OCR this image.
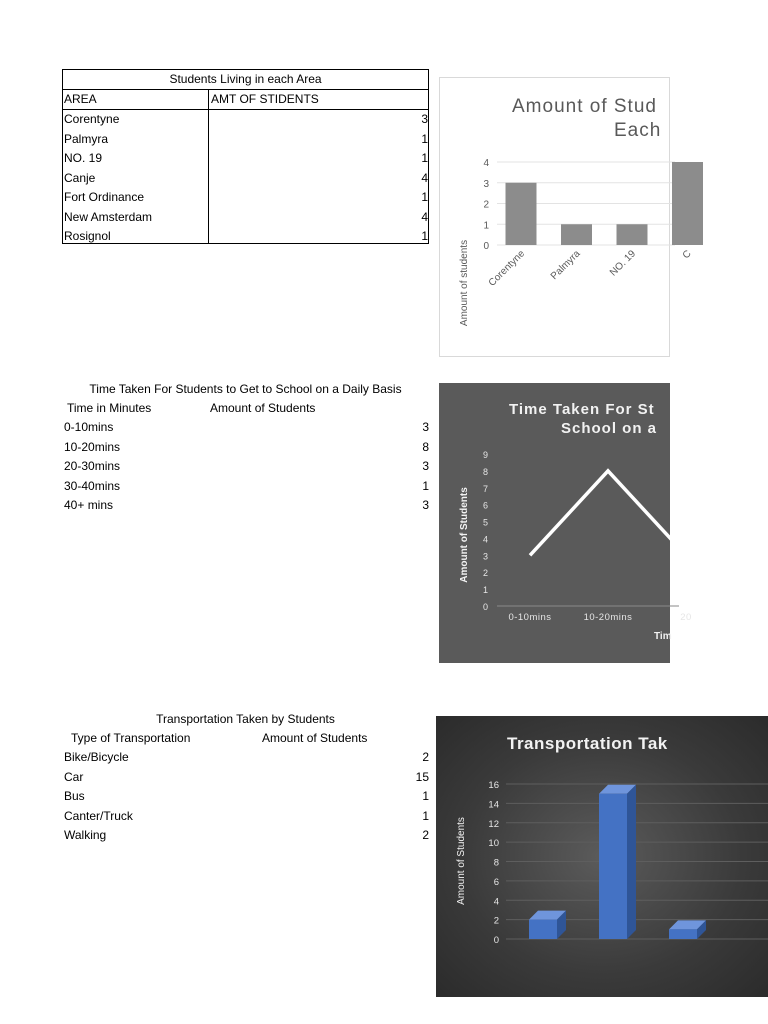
Students Living in each Area
AREA	AMT OF STIDENTS
Corentyne	3
Palmyra	1
NO. 19	1
Canje	4
Fort Ordinance	1
New Amsterdam	4
Rosignol	1
Time Taken For Students to Get to School on a Daily Basis
Time in Minutes	Amount of Students
0-10mins	3
10-20mins	8
20-30mins	3
30-40mins	1
40+ mins	3
Transportation Taken by Students
Type of Transportation	Amount of Students
Bike/Bicycle	2
Car	15
Bus	1
Canter/Truck	1
Walking	2
Amount of Stud
Each
Amount of students 0
1
2
3
4
Corentyne Palmyra	NO. 19	C
Time Taken For St
School on a
Amount of Students
Tim
0
1
2
3
4
5
6
7
8
9
0-10mins	10-20mins	20
Transportation Tak
Amount of Students
0
2
4
6
8
10
12
14
16
